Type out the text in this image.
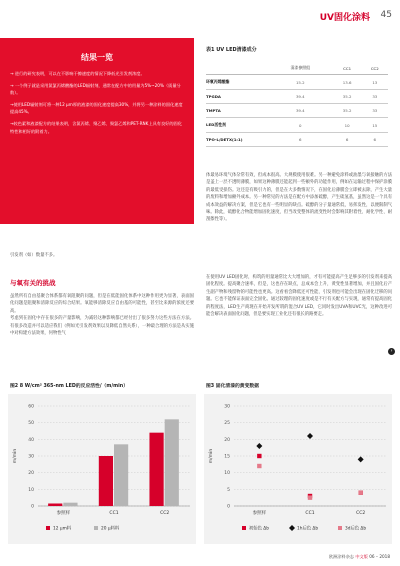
UV固化涂料 45
结果一览

→ 进行的研究表明，可以在不影响干擦速度的情况下降低光引发剂浓度。

→ 一个例子就是采用氮氯丙烯酸酯的LED辐射剂，通常在配方中的用量为5%~20%（质量分数）。

→使用LED辐射剂可将一种12 μm厚的液漆的固化速度提高30%，并将另一种涂料的固化速度提高45%。

→较色素和液漆配方的结果表明，含氮丙烯、聚乙烯、聚氯乙烯和PET-RNK上具有良好的固化特性和相好的附着力。

表1 UV LED清漆成分
	清漆参照组	CC1	CC2
环氧丙烯酸酯	15.2	13.6	13
TPGDA	39.4	35.2	33
TMPTA	39.4	35.2	33
LED活性剂	0	10	15
TPO-L/DETX(1:1)	6	6	6
体最易环境气体杂常有效，但成本很高。大规模使用很难。另一种避免涂料或油墨与氧接触的方法是盖上一层不透明薄膜，如果这种薄膜还能起到一些额外的功能作用，例如在运输过程中保护涂膜的最低受损伤。这还是有吸引力的，但是在大多数情况下，在固化后薄膜会立即被去除，产生大量的废料和增加额外成本。另一种常见的方法是在配方中添加硫醇，产生硫氢基，虽然这是一个具有成本效益的解决方案，但是它也有一些明显的缺点。硫醇的分子量通常低，易挥发性，以便限制气味。除此，硫醇化合物能增加固化速度，但当改变整体的流变性时会影响其附着性、耐化学性、耐刮擦性等）。
引发剂（如）数量不多。
与氧有关的挑战
虽然所有自由基聚合体系都有氧阻聚的问题，但是在低能固化体系中这种作用更为显著，表面固化问题是阻聚和清除反应的综合结果。氧能够清除反应自由基的可能性，甚至比来源的浓度还要高。
考虑到在固化中存在很多的产量影响，为减轻这种影响都已经付出了很多努力这些方法在方法。有很多改造并可以适应我们（例如光引发剂效果以及降低自然关系），一种最合理的方法是从实施中对构建方法效果，何物性气
在使用UV LED固化时，构筑的用量通常比大大增加的，才有可能提高产生足够多的引发剂来提高固化程度。提高聚合速率，但是，这也存在缺点，总成本会上升，黄变性显著增加，并且固化后产生副产物和残留物的可能性也更高。这看看会降低还可性能、引发剂也可能会出现在固化迁移的问题。它也不能保证表面完全固化。通过较理的固化速度或是不行有关配方与实现，通常有提高固化的程度法，LED生产商现在开始开发所谓的混合UV LED，它同时发出UVA和UVC光，这种改进可能会解决表面固化问题，但是要实现工业化还有很长的路要走。
›
图2 8 W/cm² 365-nm LED的反应活性/（m/min）
0
10
20
30
40
50
60
m/min
参照样	CC1	CC2
12 μm料	20 μ料料
图3 固化清漆的黄变数据
0
5
10
15
20
25
30
m/min
参照样	CC1	CC2
初始色 Δb	1h后色 Δb	3d后色 Δb
欧洲涂料杂志 中文版 06 – 2018
